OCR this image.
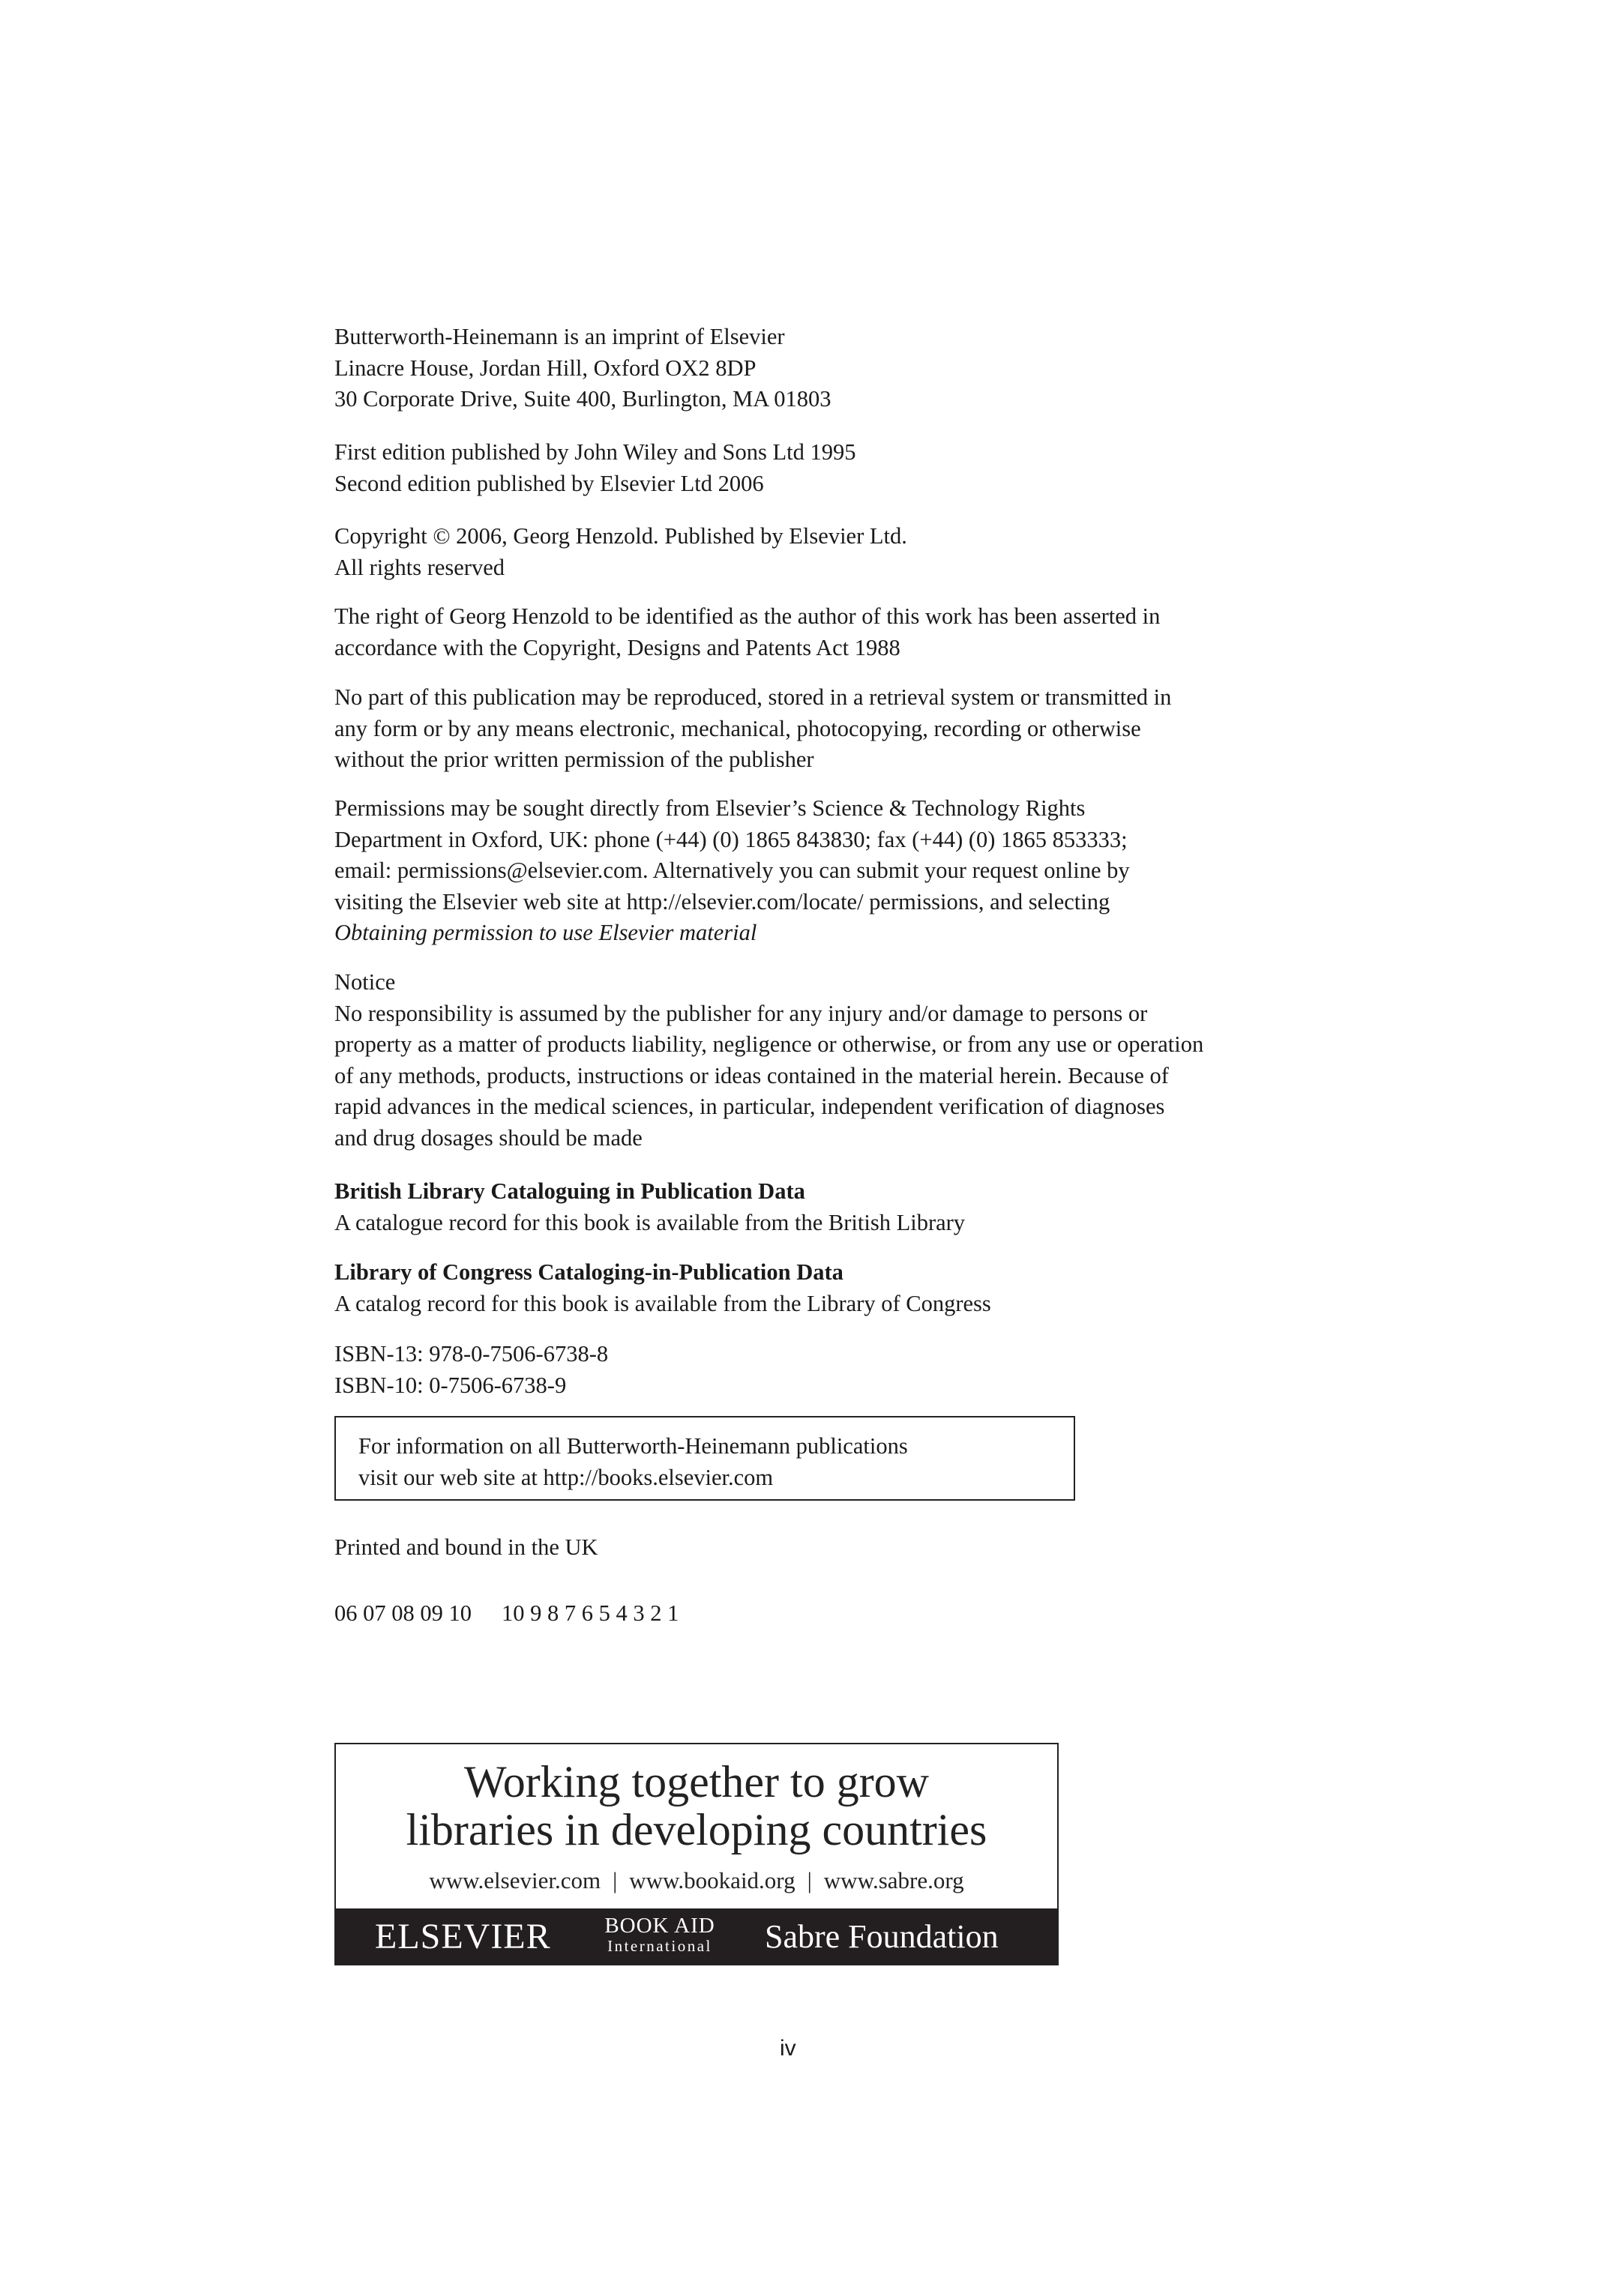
Butterworth-Heinemann is an imprint of Elsevier

Linacre House, Jordan Hill, Oxford OX2 8DP

30 Corporate Drive, Suite 400, Burlington, MA 01803

First edition published by John Wiley and Sons Ltd 1995

Second edition published by Elsevier Ltd 2006

Copyright © 2006, Georg Henzold. Published by Elsevier Ltd.

All rights reserved

The right of Georg Henzold to be identified as the author of this work has been asserted in

accordance with the Copyright, Designs and Patents Act 1988

No part of this publication may be reproduced, stored in a retrieval system or transmitted in

any form or by any means electronic, mechanical, photocopying, recording or otherwise

without the prior written permission of the publisher

Permissions may be sought directly from Elsevier’s Science & Technology Rights

Department in Oxford, UK: phone (+44) (0) 1865 843830; fax (+44) (0) 1865 853333;

email: permissions@elsevier.com. Alternatively you can submit your request online by

visiting the Elsevier web site at http://elsevier.com/locate/ permissions, and selecting

Obtaining permission to use Elsevier material

Notice

No responsibility is assumed by the publisher for any injury and/or damage to persons or

property as a matter of products liability, negligence or otherwise, or from any use or operation

of any methods, products, instructions or ideas contained in the material herein. Because of

rapid advances in the medical sciences, in particular, independent verification of diagnoses

and drug dosages should be made

British Library Cataloguing in Publication Data

A catalogue record for this book is available from the British Library

Library of Congress Cataloging-in-Publication Data

A catalog record for this book is available from the Library of Congress

ISBN-13: 978-0-7506-6738-8

ISBN-10: 0-7506-6738-9

For information on all Butterworth-Heinemann publications

visit our web site at http://books.elsevier.com

Printed and bound in the UK

06 07 08 09 10 10 9 8 7 6 5 4 3 2 1

Working together to grow
libraries in developing countries
www.elsevier.com | www.bookaid.org | www.sabre.org
ELSEVIER	BOOK AID
International	Sabre Foundation
iv
